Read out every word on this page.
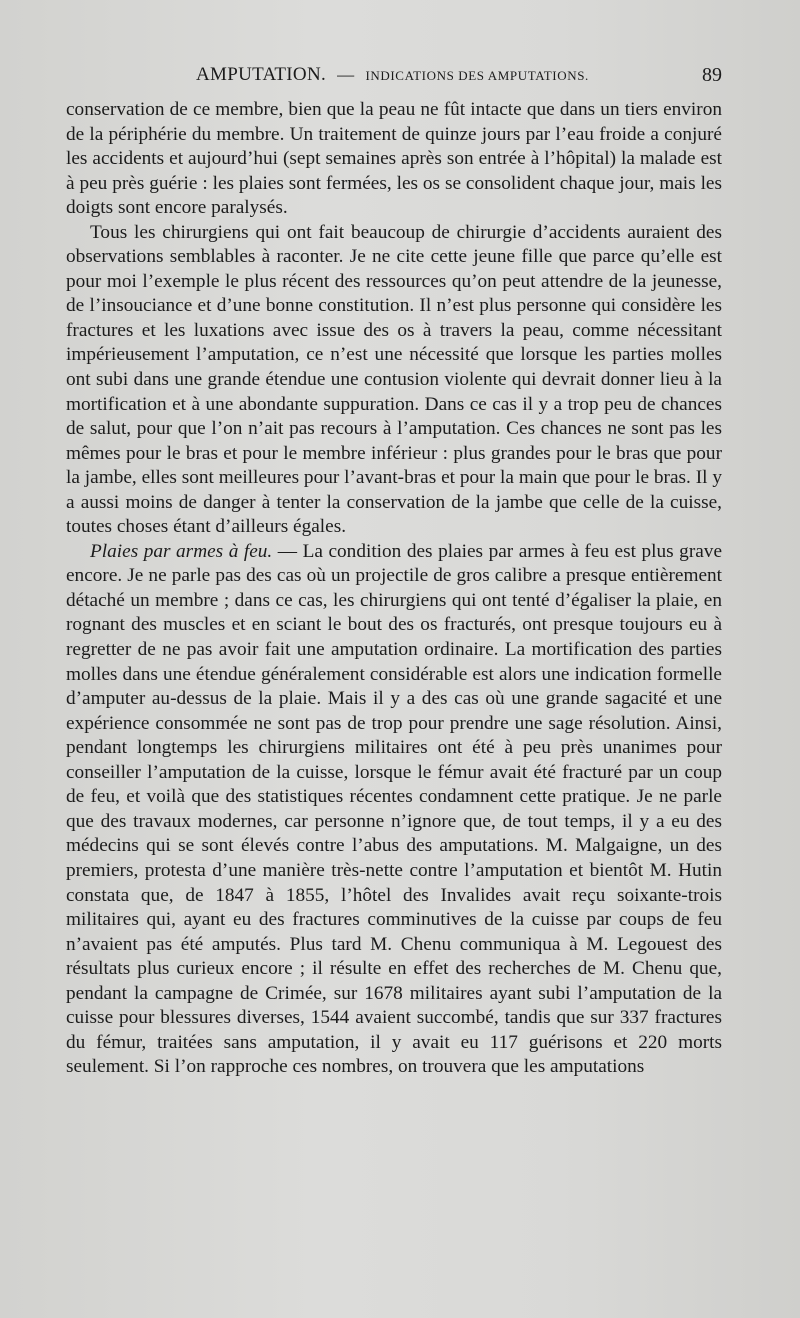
AMPUTATION. — INDICATIONS DES AMPUTATIONS.	89

conservation de ce membre, bien que la peau ne fût intacte que dans un tiers environ de la périphérie du membre. Un traitement de quinze jours par l’eau froide a conjuré les accidents et aujourd’hui (sept semaines après son entrée à l’hôpital) la malade est à peu près guérie : les plaies sont fermées, les os se consolident chaque jour, mais les doigts sont encore paralysés.

Tous les chirurgiens qui ont fait beaucoup de chirurgie d’accidents auraient des observations semblables à raconter. Je ne cite cette jeune fille que parce qu’elle est pour moi l’exemple le plus récent des ressources qu’on peut attendre de la jeunesse, de l’insouciance et d’une bonne constitution. Il n’est plus personne qui considère les fractures et les luxations avec issue des os à travers la peau, comme nécessitant impérieusement l’amputation, ce n’est une nécessité que lorsque les parties molles ont subi dans une grande étendue une contusion violente qui devrait donner lieu à la mortification et à une abondante suppuration. Dans ce cas il y a trop peu de chances de salut, pour que l’on n’ait pas recours à l’amputation. Ces chances ne sont pas les mêmes pour le bras et pour le membre inférieur : plus grandes pour le bras que pour la jambe, elles sont meilleures pour l’avant-bras et pour la main que pour le bras. Il y a aussi moins de danger à tenter la conservation de la jambe que celle de la cuisse, toutes choses étant d’ailleurs égales.

Plaies par armes à feu. — La condition des plaies par armes à feu est plus grave encore. Je ne parle pas des cas où un projectile de gros calibre a presque entièrement détaché un membre ; dans ce cas, les chirurgiens qui ont tenté d’égaliser la plaie, en rognant des muscles et en sciant le bout des os fracturés, ont presque toujours eu à regretter de ne pas avoir fait une amputation ordinaire. La mortification des parties molles dans une étendue généralement considérable est alors une indication formelle d’amputer au-dessus de la plaie. Mais il y a des cas où une grande sagacité et une expérience consommée ne sont pas de trop pour prendre une sage résolution. Ainsi, pendant longtemps les chirurgiens militaires ont été à peu près unanimes pour conseiller l’amputation de la cuisse, lorsque le fémur avait été fracturé par un coup de feu, et voilà que des statistiques récentes condamnent cette pratique. Je ne parle que des travaux modernes, car personne n’ignore que, de tout temps, il y a eu des médecins qui se sont élevés contre l’abus des amputations. M. Malgaigne, un des premiers, protesta d’une manière très-nette contre l’amputation et bientôt M. Hutin constata que, de 1847 à 1855, l’hôtel des Invalides avait reçu soixante-trois militaires qui, ayant eu des fractures comminutives de la cuisse par coups de feu n’avaient pas été amputés. Plus tard M. Chenu communiqua à M. Legouest des résultats plus curieux encore ; il résulte en effet des recherches de M. Chenu que, pendant la campagne de Crimée, sur 1678 militaires ayant subi l’amputation de la cuisse pour blessures diverses, 1544 avaient succombé, tandis que sur 337 fractures du fémur, traitées sans amputation, il y avait eu 117 guérisons et 220 morts seulement. Si l’on rapproche ces nombres, on trouvera que les amputations
